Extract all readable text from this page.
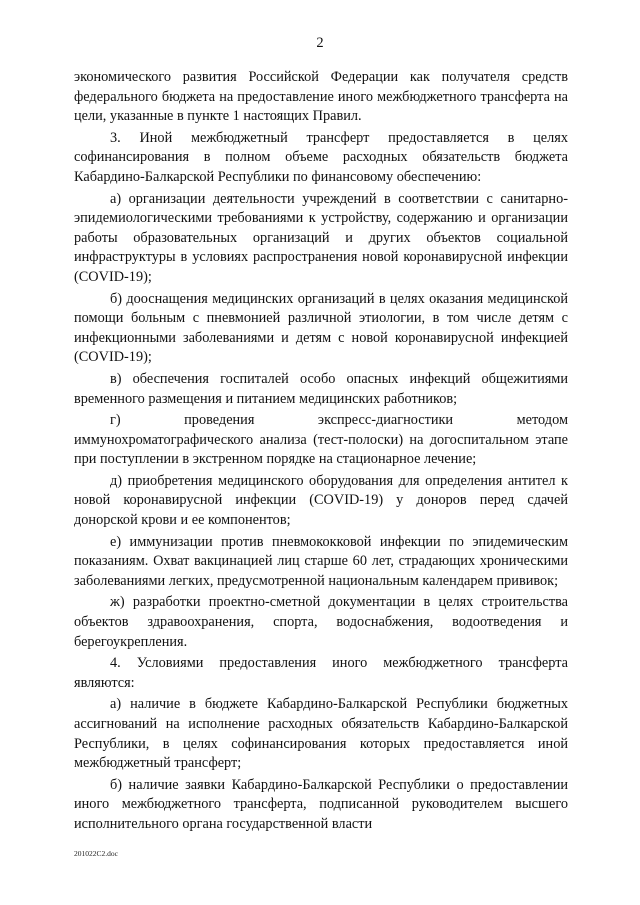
2

экономического развития Российской Федерации как получателя средств федерального бюджета на предоставление иного межбюджетного трансферта на цели, указанные в пункте 1 настоящих Правил.

3. Иной межбюджетный трансферт предоставляется в целях софинансирования в полном объеме расходных обязательств бюджета Кабардино-Балкарской Республики по финансовому обеспечению:

а) организации деятельности учреждений в соответствии с санитарно-эпидемиологическими требованиями к устройству, содержанию и организации работы образовательных организаций и других объектов социальной инфраструктуры в условиях распространения новой коронавирусной инфекции (COVID-19);

б) дооснащения медицинских организаций в целях оказания медицинской помощи больным с пневмонией различной этиологии, в том числе детям с инфекционными заболеваниями и детям с новой коронавирусной инфекцией (COVID-19);

в) обеспечения госпиталей особо опасных инфекций общежитиями временного размещения и питанием медицинских работников;

г) проведения экспресс-диагностики методом иммунохроматографического анализа (тест-полоски) на догоспитальном этапе при поступлении в экстренном порядке на стационарное лечение;

д) приобретения медицинского оборудования для определения антител к новой коронавирусной инфекции (COVID-19) у доноров перед сдачей донорской крови и ее компонентов;

е) иммунизации против пневмококковой инфекции по эпидемическим показаниям. Охват вакцинацией лиц старше 60 лет, страдающих хроническими заболеваниями легких, предусмотренной национальным календарем прививок;

ж) разработки проектно-сметной документации в целях строительства объектов здравоохранения, спорта, водоснабжения, водоотведения и берегоукрепления.

4. Условиями предоставления иного межбюджетного трансферта являются:

а) наличие в бюджете Кабардино-Балкарской Республики бюджетных ассигнований на исполнение расходных обязательств Кабардино-Балкарской Республики, в целях софинансирования которых предоставляется иной межбюджетный трансферт;

б) наличие заявки Кабардино-Балкарской Республики о предоставлении иного межбюджетного трансферта, подписанной руководителем высшего исполнительного органа государственной власти

201022С2.doc
